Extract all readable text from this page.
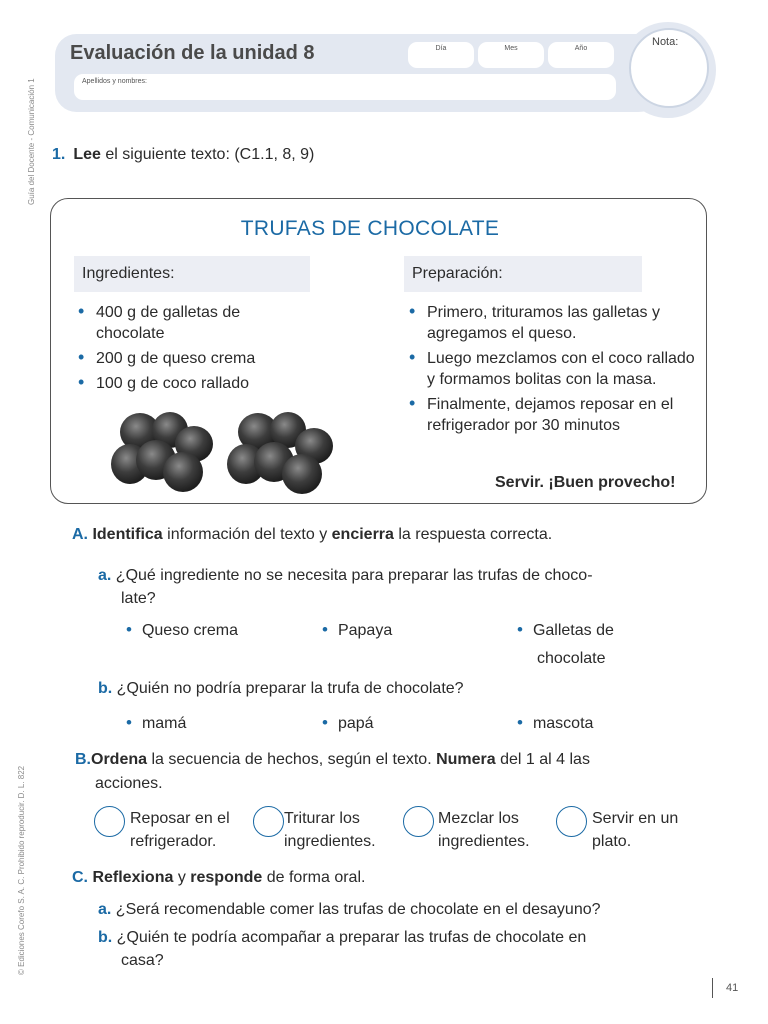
Guía del Docente - Comunicación 1
© Ediciones Corefo S. A. C. Prohibido reproducir. D. L. 822
Evaluación de la unidad 8	Día	Mes	Año
Apellidos y nombres:
Nota:
1. Lee el siguiente texto: (C1.1, 8, 9)
TRUFAS DE CHOCOLATE
Ingredientes:	Preparación:
• 400 g de galletas de chocolate
• 200 g de queso crema
• 100 g de coco rallado
• Primero, trituramos las galletas y agregamos el queso.
• Luego mezclamos con el coco rallado y formamos bolitas con la masa.
• Finalmente, dejamos reposar en el refrigerador por 30 minutos
Servir. ¡Buen provecho!
A. Identifica información del texto y encierra la respuesta correcta.
a. ¿Qué ingrediente no se necesita para preparar las trufas de choco-
late?
• Queso crema	• Papaya	• Galletas de
chocolate
b. ¿Quién no podría preparar la trufa de chocolate?
• mamá	• papá	• mascota
B.Ordena la secuencia de hechos, según el texto. Numera del 1 al 4 las
acciones.
Reposar en el
refrigerador.
Triturar los
ingredientes.
Mezclar los
ingredientes.
Servir en un
plato.
C. Reflexiona y responde de forma oral.
a. ¿Será recomendable comer las trufas de chocolate en el desayuno?
b. ¿Quién te podría acompañar a preparar las trufas de chocolate en
casa?
41
